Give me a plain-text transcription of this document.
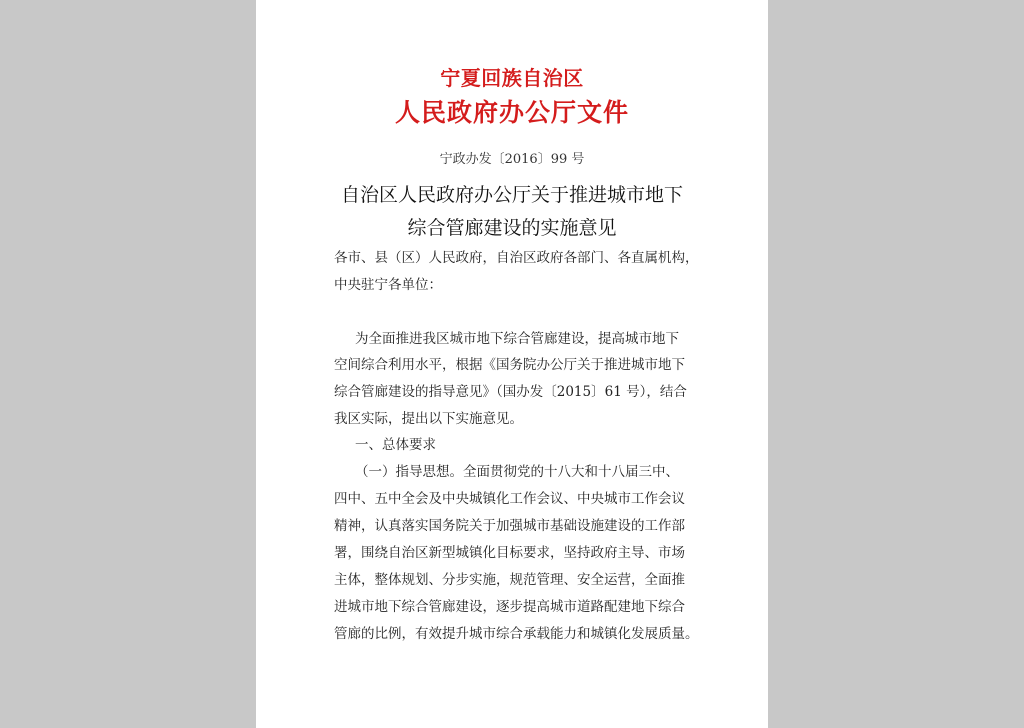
宁夏回族自治区
人民政府办公厅文件
宁政办发〔2016〕99 号
自治区人民政府办公厅关于推进城市地下
综合管廊建设的实施意见
各市、县（区）人民政府，自治区政府各部门、各直属机构，
中央驻宁各单位：
为全面推进我区城市地下综合管廊建设，提高城市地下
空间综合利用水平，根据《国务院办公厅关于推进城市地下
综合管廊建设的指导意见》（国办发〔2015〕61 号），结合
我区实际，提出以下实施意见。
一、总体要求
（一）指导思想。全面贯彻党的十八大和十八届三中、
四中、五中全会及中央城镇化工作会议、中央城市工作会议
精神，认真落实国务院关于加强城市基础设施建设的工作部
署，围绕自治区新型城镇化目标要求，坚持政府主导、市场
主体，整体规划、分步实施，规范管理、安全运营，全面推
进城市地下综合管廊建设，逐步提高城市道路配建地下综合
管廊的比例，有效提升城市综合承载能力和城镇化发展质量。
